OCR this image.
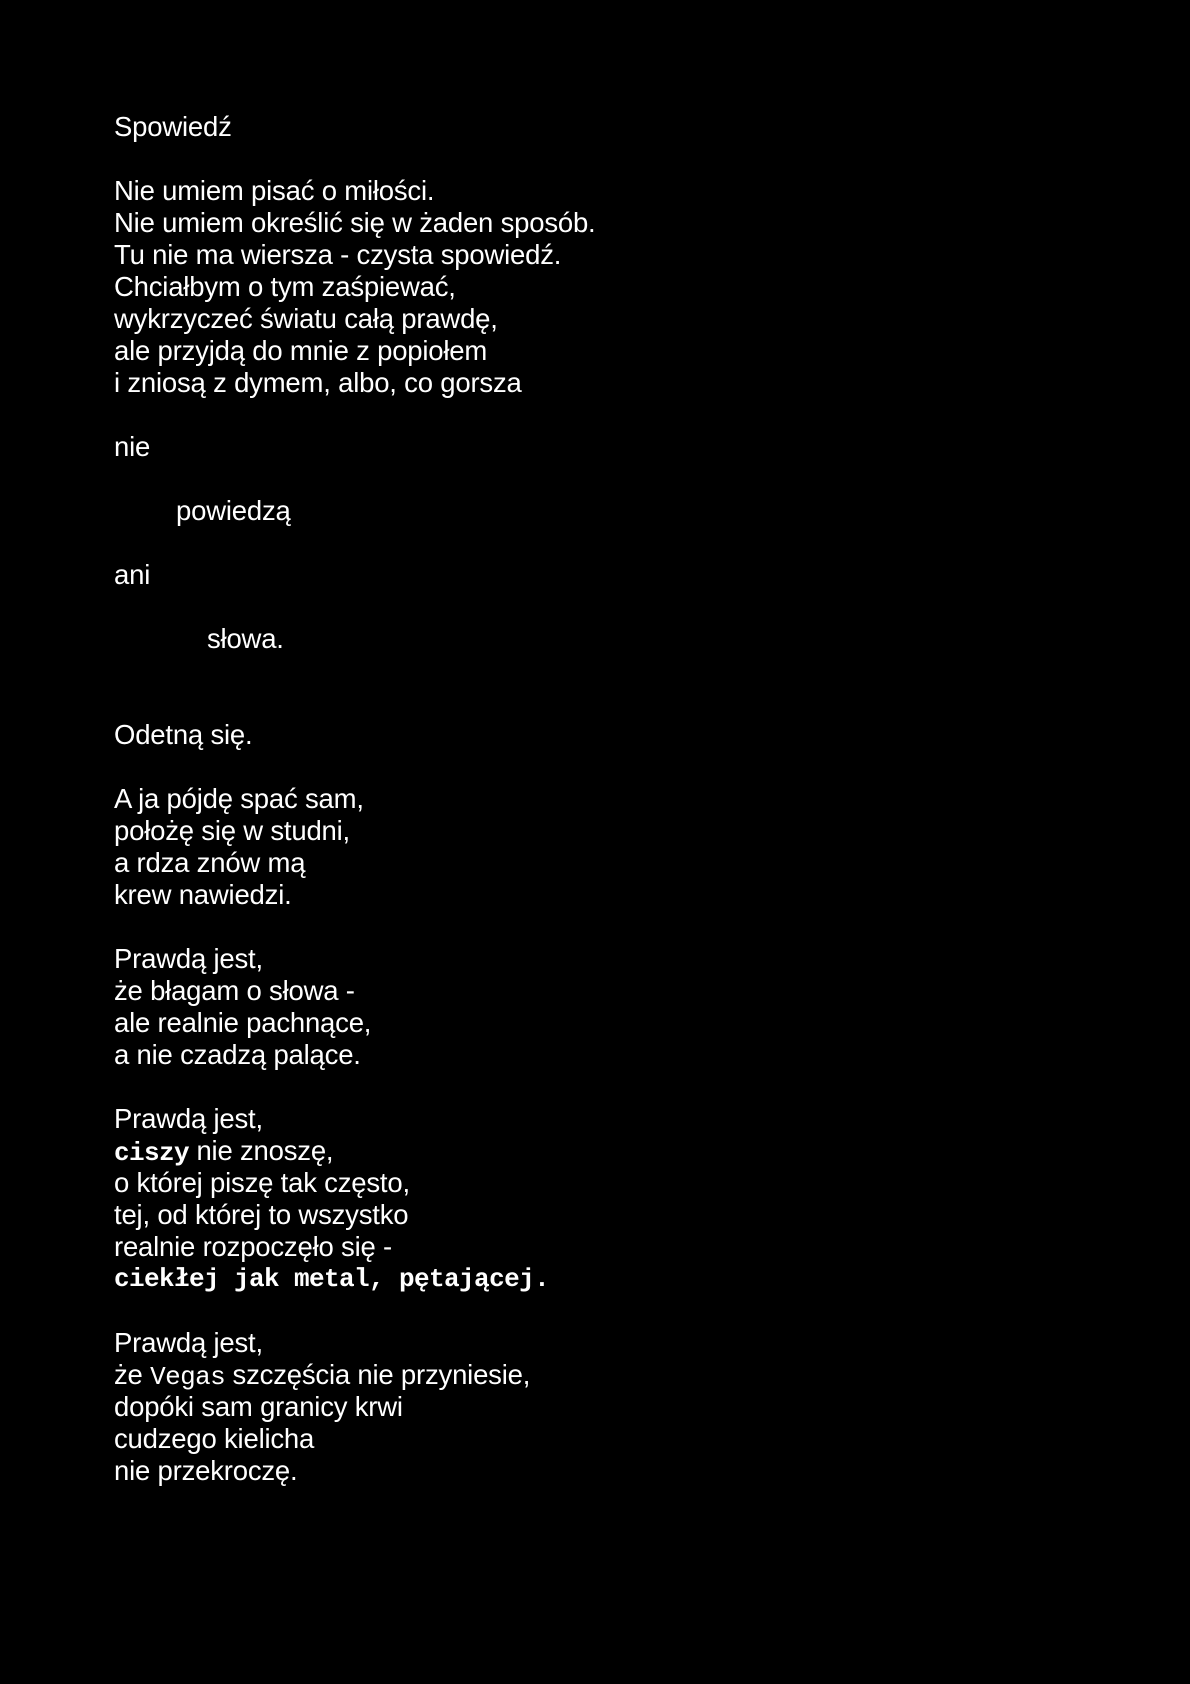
Spowiedź
Nie umiem pisać o miłości.
Nie umiem określić się w żaden sposób.
Tu nie ma wiersza - czysta spowiedź.
Chciałbym o tym zaśpiewać,
wykrzyczeć światu całą prawdę,
ale przyjdą do mnie z popiołem
i zniosą z dymem, albo, co gorsza
nie
powiedzą
ani
słowa.
Odetną się.
A ja pójdę spać sam,
położę się w studni,
a rdza znów mą
krew nawiedzi.
Prawdą jest,
że błagam o słowa -
ale realnie pachnące,
a nie czadzą palące.
Prawdą jest,
ciszy nie znoszę,
o której piszę tak często,
tej, od której to wszystko
realnie rozpoczęło się -
ciekłej jak metal, pętającej.
Prawdą jest,
że Vegas szczęścia nie przyniesie,
dopóki sam granicy krwi
cudzego kielicha
nie przekroczę.
